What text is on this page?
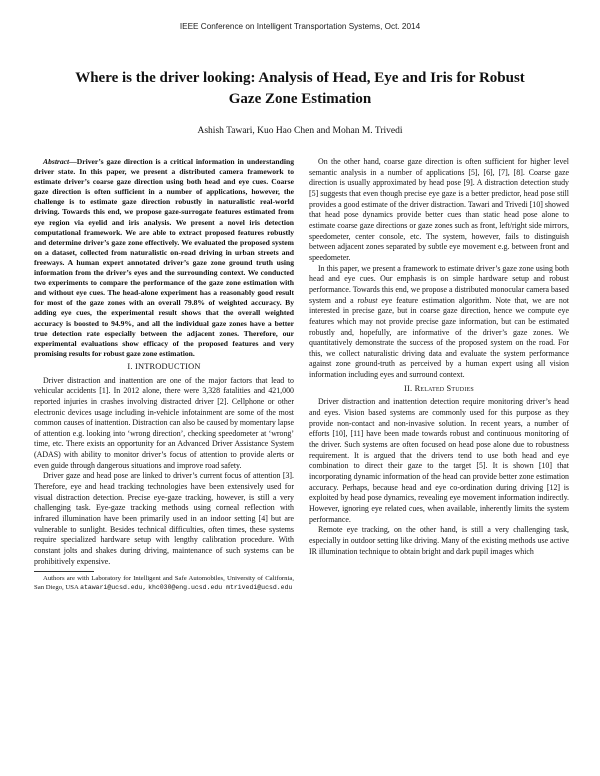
IEEE Conference on Intelligent Transportation Systems, Oct. 2014
Where is the driver looking: Analysis of Head, Eye and Iris for Robust Gaze Zone Estimation
Ashish Tawari, Kuo Hao Chen and Mohan M. Trivedi

Abstract—Driver’s gaze direction is a critical information in understanding driver state. In this paper, we present a distributed camera framework to estimate driver’s coarse gaze direction using both head and eye cues. Coarse gaze direction is often sufficient in a number of applications, however, the challenge is to estimate gaze direction robustly in naturalistic real-world driving. Towards this end, we propose gaze-surrogate features estimated from eye region via eyelid and iris analysis. We present a novel iris detection computational framework. We are able to extract proposed features robustly and determine driver’s gaze zone effectively. We evaluated the proposed system on a dataset, collected from naturalistic on-road driving in urban streets and freeways. A human expert annotated driver’s gaze zone ground truth using information from the driver’s eyes and the surrounding context. We conducted two experiments to compare the performance of the gaze zone estimation with and without eye cues. The head-alone experiment has a reasonably good result for most of the gaze zones with an overall 79.8% of weighted accuracy. By adding eye cues, the experimental result shows that the overall weighted accuracy is boosted to 94.9%, and all the individual gaze zones have a better true detection rate especially between the adjacent zones. Therefore, our experimental evaluations show efficacy of the proposed features and very promising results for robust gaze zone estimation.

I. INTRODUCTION

Driver distraction and inattention are one of the major factors that lead to vehicular accidents [1]. In 2012 alone, there were 3,328 fatalities and 421,000 reported injuries in crashes involving distracted driver [2]. Cellphone or other electronic devices usage including in-vehicle infotainment are some of the most common causes of inattention. Distraction can also be caused by momentary lapse of attention e.g. looking into ‘wrong direction’, checking speedometer at ‘wrong’ time, etc. There exists an opportunity for an Advanced Driver Assistance System (ADAS) with ability to monitor driver’s focus of attention to provide alerts or even guide through dangerous situations and improve road safety.

Driver gaze and head pose are linked to driver’s current focus of attention [3]. Therefore, eye and head tracking technologies have been extensively used for visual distraction detection. Precise eye-gaze tracking, however, is still a very challenging task. Eye-gaze tracking methods using corneal reflection with infrared illumination have been primarily used in an indoor setting [4] but are vulnerable to sunlight. Besides technical difficulties, often times, these systems require specialized hardware setup with lengthy calibration procedure. With constant jolts and shakes during driving, maintenance of such systems can be prohibitively expensive.

Authors are with Laboratory for Intelligent and Safe Automobiles, University of California, San Diego, USA atawari@ucsd.edu, khc030@eng.ucsd.edu mtrivedi@ucsd.edu

On the other hand, coarse gaze direction is often sufficient for higher level semantic analysis in a number of applications [5], [6], [7], [8]. Coarse gaze direction is usually approximated by head pose [9]. A distraction detection study [5] suggests that even though precise eye gaze is a better predictor, head pose still provides a good estimate of the driver distraction. Tawari and Trivedi [10] showed that head pose dynamics provide better cues than static head pose alone to estimate coarse gaze directions or gaze zones such as front, left/right side mirrors, speedometer, center console, etc. The system, however, fails to distinguish between adjacent zones separated by subtle eye movement e.g. between front and speedometer.

In this paper, we present a framework to estimate driver’s gaze zone using both head and eye cues. Our emphasis is on simple hardware setup and robust performance. Towards this end, we propose a distributed monocular camera based system and a robust eye feature estimation algorithm. Note that, we are not interested in precise gaze, but in coarse gaze direction, hence we compute eye features which may not provide precise gaze information, but can be estimated robustly and, hopefully, are informative of the driver’s gaze zones. We quantitatively demonstrate the success of the proposed system on the road. For this, we collect naturalistic driving data and evaluate the system performance against zone ground-truth as perceived by a human expert using all vision information including eyes and surround context.

II. Related Studies

Driver distraction and inattention detection require monitoring driver’s head and eyes. Vision based systems are commonly used for this purpose as they provide non-contact and non-invasive solution. In recent years, a number of efforts [10], [11] have been made towards robust and continuous monitoring of the driver. Such systems are often focused on head pose alone due to robustness requirement. It is argued that the drivers tend to use both head and eye combination to direct their gaze to the target [5]. It is shown [10] that incorporating dynamic information of the head can provide better zone estimation accuracy. Perhaps, because head and eye co-ordination during driving [12] is exploited by head pose dynamics, revealing eye movement information indirectly. However, ignoring eye related cues, when available, inherently limits the system performance.

Remote eye tracking, on the other hand, is still a very challenging task, especially in outdoor setting like driving. Many of the existing methods use active IR illumination technique to obtain bright and dark pupil images which
